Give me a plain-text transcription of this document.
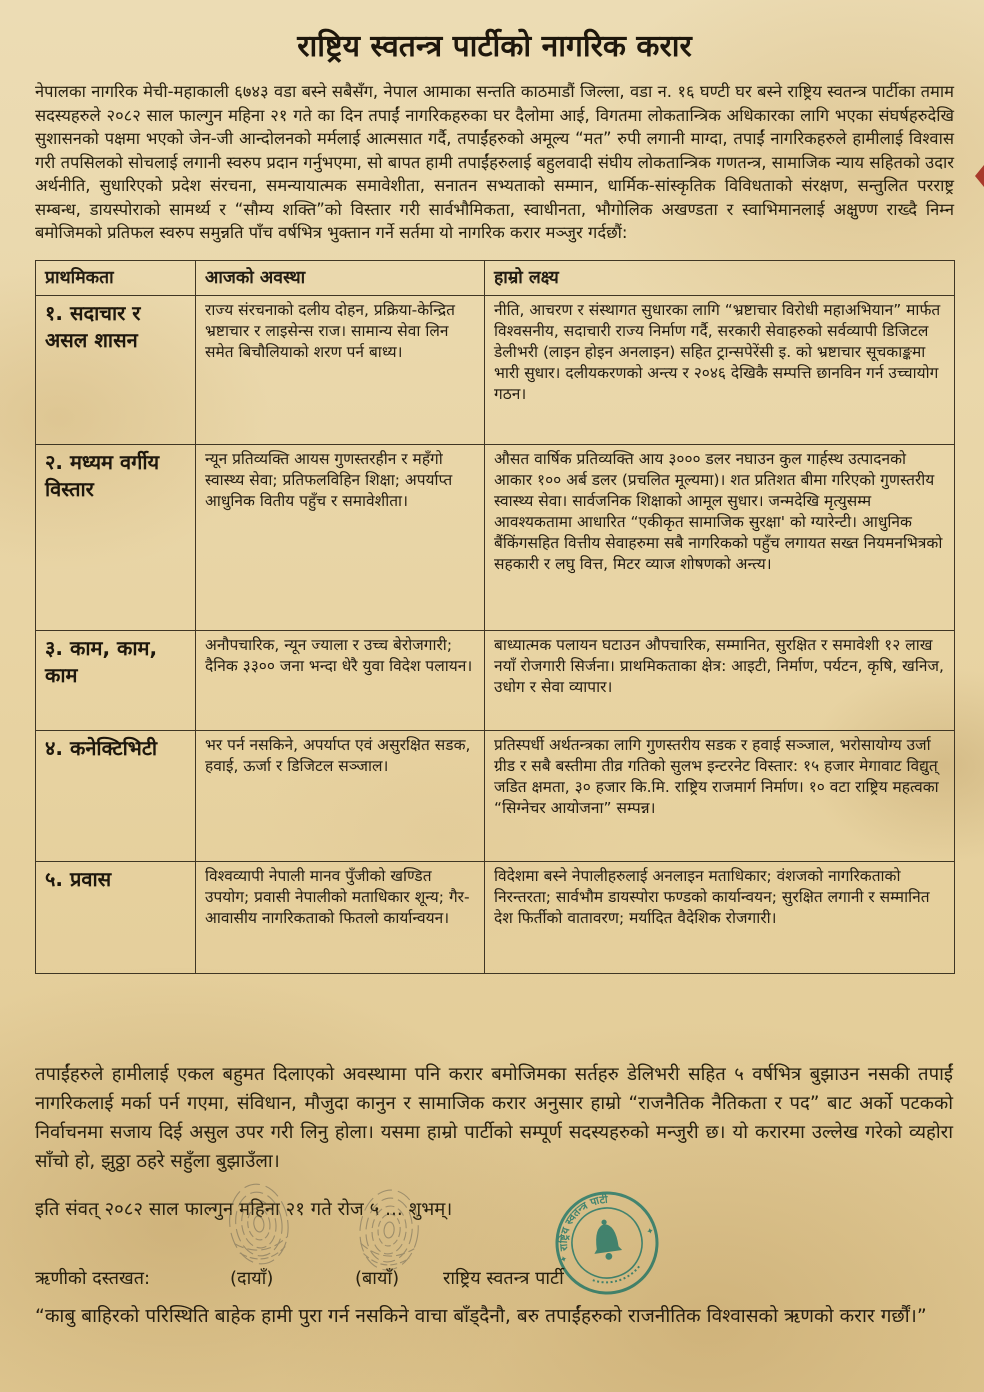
राष्ट्रिय स्वतन्त्र पार्टीको नागरिक करार

नेपालका नागरिक मेची-महाकाली ६७४३ वडा बस्ने सबैसँग, नेपाल आमाका सन्तति काठमाडौं जिल्ला, वडा न. १६ घण्टी घर बस्ने राष्ट्रिय स्वतन्त्र पार्टीका तमाम सदस्यहरुले २०८२ साल फाल्गुन महिना २१ गते का दिन तपाईं नागरिकहरुका घर दैलोमा आई, विगतमा लोकतान्त्रिक अधिकारका लागि भएका संघर्षहरुदेखि सुशासनको पक्षमा भएको जेन-जी आन्दोलनको मर्मलाई आत्मसात गर्दै, तपाईंहरुको अमूल्य “मत” रुपी लगानी माग्दा, तपाईं नागरिकहरुले हामीलाई विश्वास गरी तपसिलको सोचलाई लगानी स्वरुप प्रदान गर्नुभएमा, सो बापत हामी तपाईंहरुलाई बहुलवादी संघीय लोकतान्त्रिक गणतन्त्र, सामाजिक न्याय सहितको उदार अर्थनीति, सुधारिएको प्रदेश संरचना, समन्यायात्मक समावेशीता, सनातन सभ्यताको सम्मान, धार्मिक-सांस्कृतिक विविधताको संरक्षण, सन्तुलित परराष्ट्र सम्बन्ध, डायस्पोराको सामर्थ्य र “सौम्य शक्ति”को विस्तार गरी सार्वभौमिकता, स्वाधीनता, भौगोलिक अखण्डता र स्वाभिमानलाई अक्षुण्ण राख्दै निम्न बमोजिमको प्रतिफल स्वरुप समुन्नति पाँच वर्षभित्र भुक्तान गर्ने सर्तमा यो नागरिक करार मञ्जुर गर्दछौं:

प्राथमिकता	आजको अवस्था	हाम्रो लक्ष्य
१. सदाचार र असल शासन	राज्य संरचनाको दलीय दोहन, प्रक्रिया-केन्द्रित भ्रष्टाचार र लाइसेन्स राज। सामान्य सेवा लिन समेत बिचौलियाको शरण पर्न बाध्य।	नीति, आचरण र संस्थागत सुधारका लागि “भ्रष्टाचार विरोधी महाअभियान” मार्फत विश्वसनीय, सदाचारी राज्य निर्माण गर्दै, सरकारी सेवाहरुको सर्वव्यापी डिजिटल डेलीभरी (लाइन होइन अनलाइन) सहित ट्रान्सपेरेंसी इ. को भ्रष्टाचार सूचकाङ्कमा भारी सुधार। दलीयकरणको अन्त्य र २०४६ देखिकै सम्पत्ति छानविन गर्न उच्चायोग गठन।
२. मध्यम वर्गीय विस्तार	न्यून प्रतिव्यक्ति आयस गुणस्तरहीन र महँगो स्वास्थ्य सेवा; प्रतिफलविहिन शिक्षा; अपर्याप्त आधुनिक वितीय पहुँच र समावेशीता।	औसत वार्षिक प्रतिव्यक्ति आय ३००० डलर नघाउन कुल गार्हस्थ उत्पादनको आकार १०० अर्ब डलर (प्रचलित मूल्यमा)। शत प्रतिशत बीमा गरिएको गुणस्तरीय स्वास्थ्य सेवा। सार्वजनिक शिक्षाको आमूल सुधार। जन्मदेखि मृत्युसम्म आवश्यकतामा आधारित “एकीकृत सामाजिक सुरक्षा' को ग्यारेन्टी। आधुनिक बैंकिंगसहित वित्तीय सेवाहरुमा सबै नागरिकको पहुँच लगायत सख्त नियमनभित्रको सहकारी र लघु वित्त, मिटर व्याज शोषणको अन्त्य।
३. काम, काम, काम	अनौपचारिक, न्यून ज्याला र उच्च बेरोजगारी; दैनिक ३३०० जना भन्दा धेरै युवा विदेश पलायन।	बाध्यात्मक पलायन घटाउन औपचारिक, सम्मानित, सुरक्षित र समावेशी १२ लाख नयाँ रोजगारी सिर्जना। प्राथमिकताका क्षेत्र: आइटी, निर्माण, पर्यटन, कृषि, खनिज, उधोग र सेवा व्यापार।
४. कनेक्टिभिटी	भर पर्न नसकिने, अपर्याप्त एवं असुरक्षित सडक, हवाई, ऊर्जा र डिजिटल सञ्जाल।	प्रतिस्पर्धी अर्थतन्त्रका लागि गुणस्तरीय सडक र हवाई सञ्जाल, भरोसायोग्य उर्जा ग्रीड र सबै बस्तीमा तीव्र गतिको सुलभ इन्टरनेट विस्तार: १५ हजार मेगावाट विद्युत् जडित क्षमता, ३० हजार कि.मि. राष्ट्रिय राजमार्ग निर्माण। १० वटा राष्ट्रिय महत्वका “सिग्नेचर आयोजना” सम्पन्न।
५. प्रवास	विश्वव्यापी नेपाली मानव पुँजीको खण्डित उपयोग; प्रवासी नेपालीको मताधिकार शून्य; गैर-आवासीय नागरिकताको फितलो कार्यान्वयन।	विदेशमा बस्ने नेपालीहरुलाई अनलाइन मताधिकार; वंशजको नागरिकताको निरन्तरता; सार्वभौम डायस्पोरा फण्डको कार्यान्वयन; सुरक्षित लगानी र सम्मानित देश फिर्तीको वातावरण; मर्यादित वैदेशिक रोजगारी।

तपाईंहरुले हामीलाई एकल बहुमत दिलाएको अवस्थामा पनि करार बमोजिमका सर्तहरु डेलिभरी सहित ५ वर्षभित्र बुझाउन नसकी तपाईं नागरिकलाई मर्का पर्न गएमा, संविधान, मौजुदा कानुन र सामाजिक करार अनुसार हाम्रो “राजनैतिक नैतिकता र पद” बाट अर्को पटकको निर्वाचनमा सजाय दिई असुल उपर गरी लिनु होला। यसमा हाम्रो पार्टीको सम्पूर्ण सदस्यहरुको मन्जुरी छ। यो करारमा उल्लेख गरेको व्यहोरा साँचो हो, झुठ्ठा ठहरे सहुँला बुझाउँला।

इति संवत् २०८२ साल फाल्गुन महिना २१ गते रोज ५ ... शुभम्।
राष्ट्रिय स्वतन्त्र पार्टी
✦
✦
ऋणीको दस्तखत:	(दायाँ)	(बायाँ) राष्ट्रिय स्वतन्त्र पार्टी

“काबु बाहिरको परिस्थिति बाहेक हामी पुरा गर्न नसकिने वाचा बाँड्दैनौ, बरु तपाईंहरुको राजनीतिक विश्वासको ऋणको करार गर्छौं।”
